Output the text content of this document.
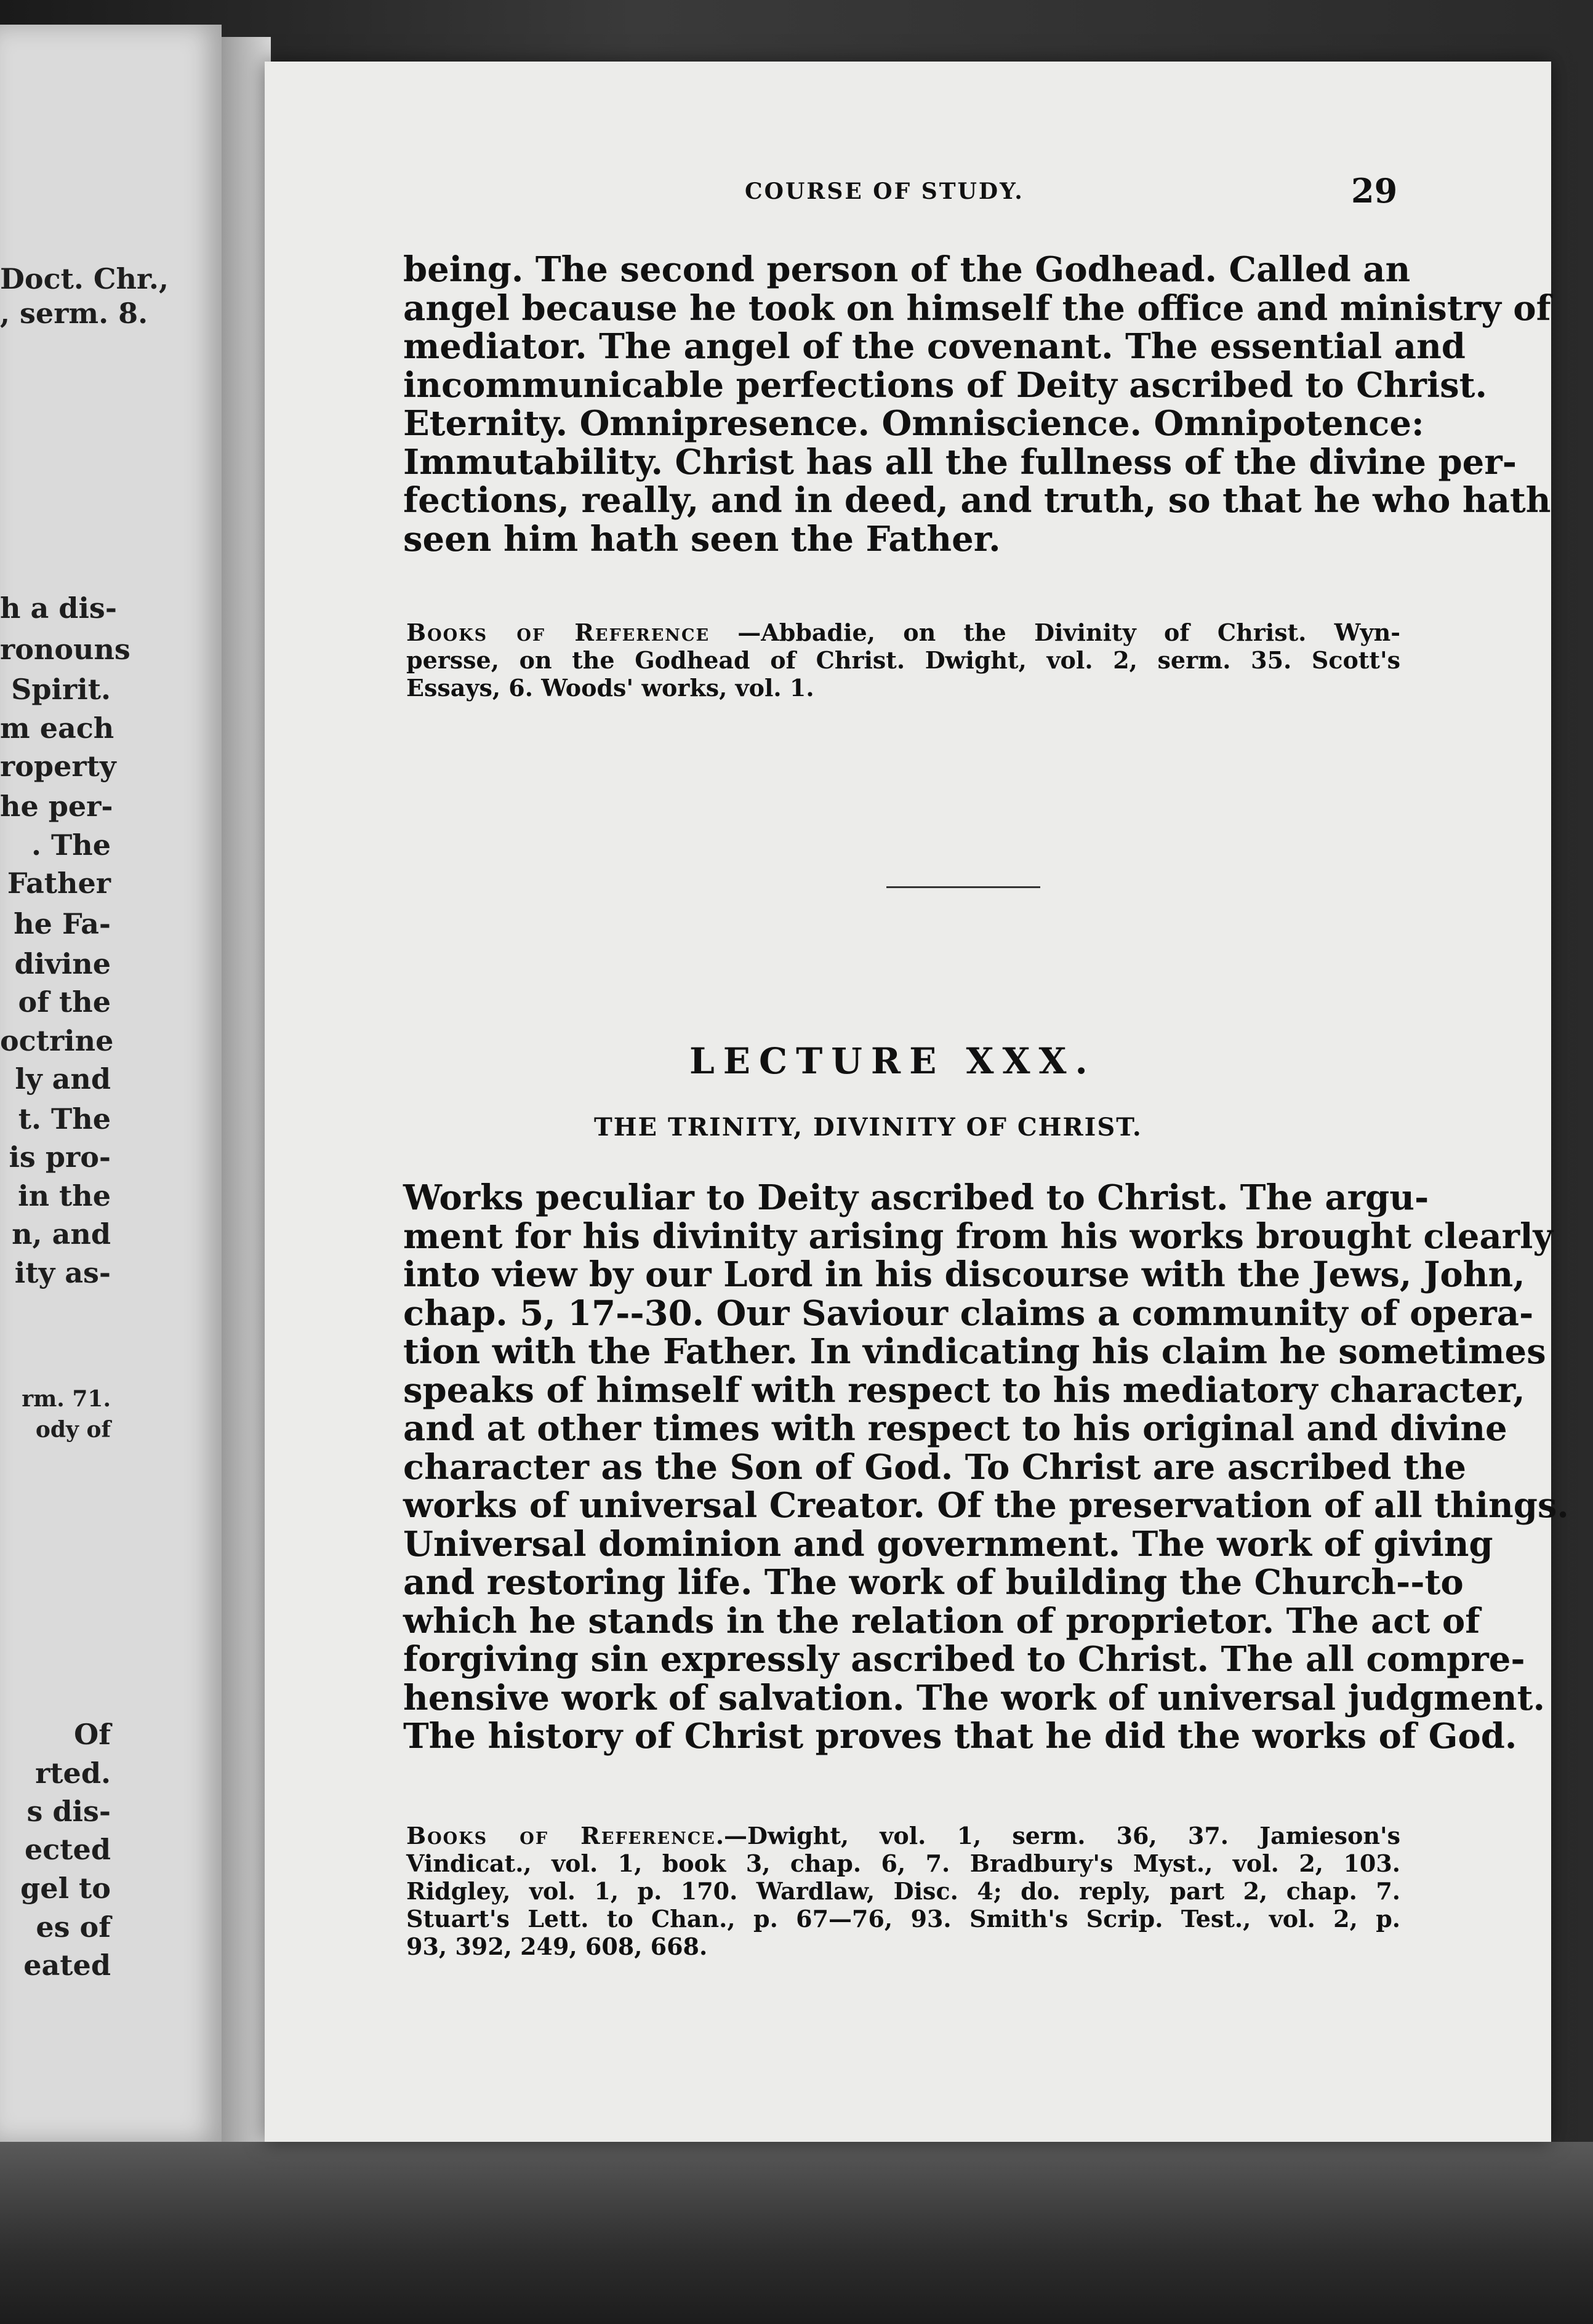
Doct. Chr.,
, serm. 8.
h a dis-
ronouns
Spirit.
m each
roperty
he per-
. The
Father
he Fa-
divine
of the
octrine
ly and
t. The
is pro-
in the
n, and
ity as-
rm. 71.
ody of
Of
rted.
s dis-
ected
gel to
es of
eated
COURSE OF STUDY.	29
being. The second person of the Godhead. Called an
angel because he took on himself the office and ministry of
mediator. The angel of the covenant. The essential and
incommunicable perfections of Deity ascribed to Christ.
Eternity. Omnipresence. Omniscience. Omnipotence:
Immutability. Christ has all the fullness of the divine per-
fections, really, and in deed, and truth, so that he who hath
seen him hath seen the Father.
Books of Reference —Abbadie, on the Divinity of Christ. Wyn-
persse, on the Godhead of Christ. Dwight, vol. 2, serm. 35. Scott's
Essays, 6. Woods' works, vol. 1.
LECTURE XXX.
THE TRINITY, DIVINITY OF CHRIST.
Works peculiar to Deity ascribed to Christ. The argu-
ment for his divinity arising from his works brought clearly
into view by our Lord in his discourse with the Jews, John,
chap. 5, 17--30. Our Saviour claims a community of opera-
tion with the Father. In vindicating his claim he sometimes
speaks of himself with respect to his mediatory character,
and at other times with respect to his original and divine
character as the Son of God. To Christ are ascribed the
works of universal Creator. Of the preservation of all things.
Universal dominion and government. The work of giving
and restoring life. The work of building the Church--to
which he stands in the relation of proprietor. The act of
forgiving sin expressly ascribed to Christ. The all compre-
hensive work of salvation. The work of universal judgment.
The history of Christ proves that he did the works of God.
Books of Reference.—Dwight, vol. 1, serm. 36, 37. Jamieson's
Vindicat., vol. 1, book 3, chap. 6, 7. Bradbury's Myst., vol. 2, 103.
Ridgley, vol. 1, p. 170. Wardlaw, Disc. 4; do. reply, part 2, chap. 7.
Stuart's Lett. to Chan., p. 67—76, 93. Smith's Scrip. Test., vol. 2, p.
93, 392, 249, 608, 668.
